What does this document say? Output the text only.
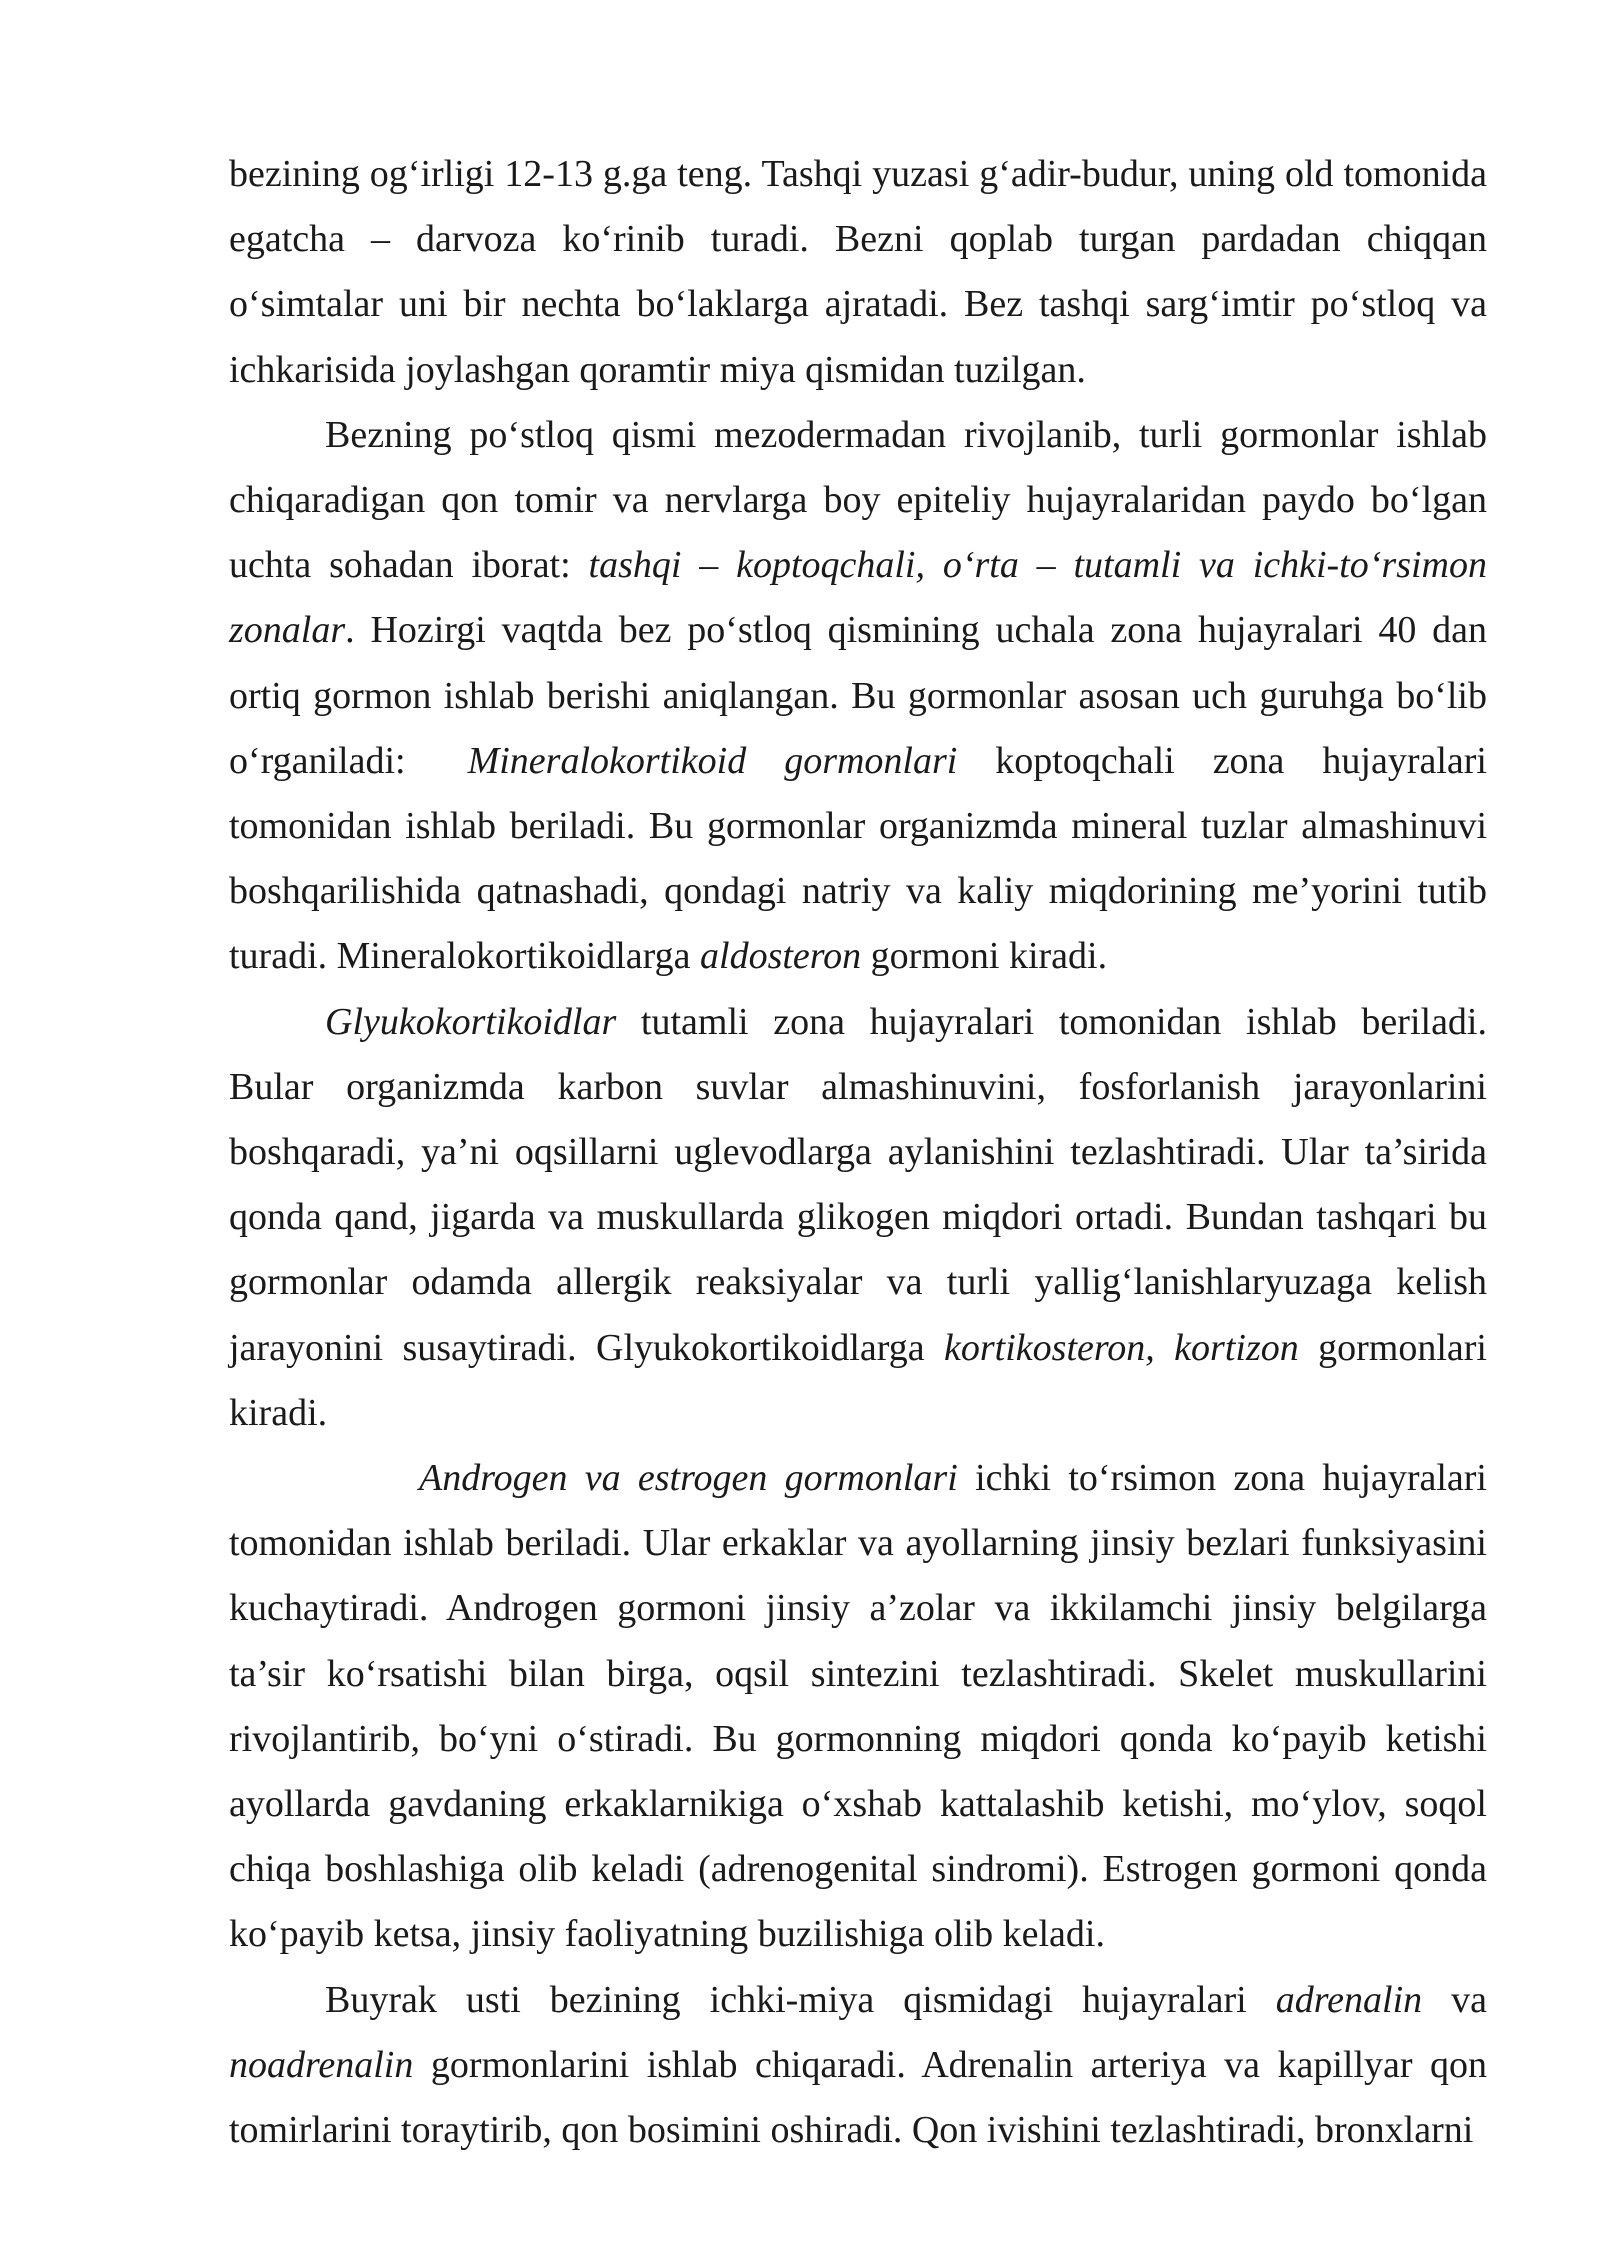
bezining og‘irligi 12-13 g.ga teng. Tashqi yuzasi g‘adir-budur, uning old tomonida egatcha – darvoza ko‘rinib turadi. Bezni qoplab turgan pardadan chiqqan o‘simtalar uni bir nechta bo‘laklarga ajratadi. Bez tashqi sarg‘imtir po‘stloq va ichkarisida joylashgan qoramtir miya qismidan tuzilgan.

Bezning po‘stloq qismi mezodermadan rivojlanib, turli gormonlar ishlab chiqaradigan qon tomir va nervlarga boy epiteliy hujayralaridan paydo bo‘lgan uchta sohadan iborat: tashqi – koptoqchali, o‘rta – tutamli va ichki-to‘rsimon zonalar. Hozirgi vaqtda bez po‘stloq qismining uchala zona hujayralari 40 dan ortiq gormon ishlab berishi aniqlangan. Bu gormonlar asosan uch guruhga bo‘lib o‘rganiladi: Mineralokortikoid gormonlari koptoqchali zona hujayralari tomonidan ishlab beriladi. Bu gormonlar organizmda mineral tuzlar almashinuvi boshqarilishida qatnashadi, qondagi natriy va kaliy miqdorining me’yorini tutib turadi. Mineralokortikoidlarga aldosteron gormoni kiradi.

Glyukokortikoidlar tutamli zona hujayralari tomonidan ishlab beriladi. Bular organizmda karbon suvlar almashinuvini, fosforlanish jarayonlarini boshqaradi, ya’ni oqsillarni uglevodlarga aylanishini tezlashtiradi. Ular ta’sirida qonda qand, jigarda va muskullarda glikogen miqdori ortadi. Bundan tashqari bu gormonlar odamda allergik reaksiyalar va turli yallig‘lanishlaryuzaga kelish jarayonini susaytiradi. Glyukokortikoidlarga kortikosteron, kortizon gormonlari kiradi.

Androgen va estrogen gormonlari ichki to‘rsimon zona hujayralari tomonidan ishlab beriladi. Ular erkaklar va ayollarning jinsiy bezlari funksiyasini kuchaytiradi. Androgen gormoni jinsiy a’zolar va ikkilamchi jinsiy belgilarga ta’sir ko‘rsatishi bilan birga, oqsil sintezini tezlashtiradi. Skelet muskullarini rivojlantirib, bo‘yni o‘stiradi. Bu gormonning miqdori qonda ko‘payib ketishi ayollarda gavdaning erkaklarnikiga o‘xshab kattalashib ketishi, mo‘ylov, soqol chiqa boshlashiga olib keladi (adrenogenital sindromi). Estrogen gormoni qonda ko‘payib ketsa, jinsiy faoliyatning buzilishiga olib keladi.

Buyrak usti bezining ichki-miya qismidagi hujayralari adrenalin va noadrenalin gormonlarini ishlab chiqaradi. Adrenalin arteriya va kapillyar qon tomirlarini toraytirib, qon bosimini oshiradi. Qon ivishini tezlashtiradi, bronxlarni
